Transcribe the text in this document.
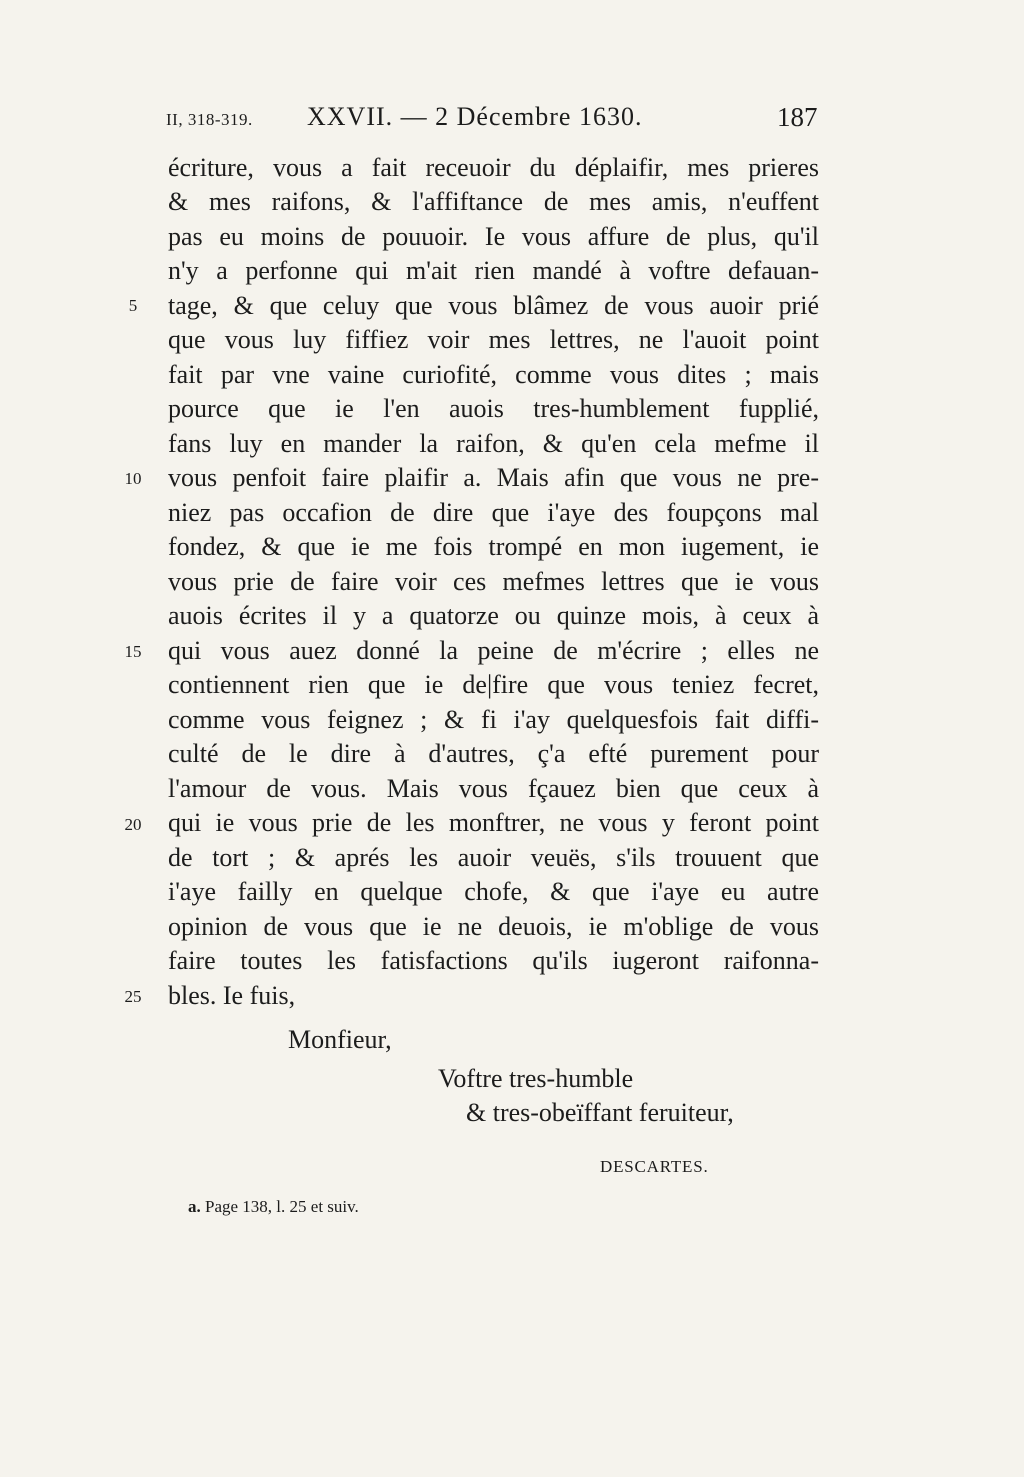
II, 318-319. XXVII. — 2 Décembre 1630.	187
écriture, vous a fait receuoir du déplaifir, mes prieres
& mes raifons, & l'affiftance de mes amis, n'euffent
pas eu moins de pouuoir. Ie vous affure de plus, qu'il
n'y a perfonne qui m'ait rien mandé à voftre defauan-
tage, & que celuy que vous blâmez de vous auoir prié
que vous luy fiffiez voir mes lettres, ne l'auoit point
fait par vne vaine curiofité, comme vous dites ; mais
pource que ie l'en auois tres-humblement fupplié,
fans luy en mander la raifon, & qu'en cela mefme il
vous penfoit faire plaifir a. Mais afin que vous ne pre-
niez pas occafion de dire que i'aye des foupçons mal
fondez, & que ie me fois trompé en mon iugement, ie
vous prie de faire voir ces mefmes lettres que ie vous
auois écrites il y a quatorze ou quinze mois, à ceux à
qui vous auez donné la peine de m'écrire ; elles ne
contiennent rien que ie de|fire que vous teniez fecret,
comme vous feignez ; & fi i'ay quelquesfois fait diffi-
culté de le dire à d'autres, ç'a efté purement pour
l'amour de vous. Mais vous fçauez bien que ceux à
qui ie vous prie de les monftrer, ne vous y feront point
de tort ; & aprés les auoir veuës, s'ils trouuent que
i'aye failly en quelque chofe, & que i'aye eu autre
opinion de vous que ie ne deuois, ie m'oblige de vous
faire toutes les fatisfactions qu'ils iugeront raifonna-
bles. Ie fuis,
5
10
15
20
25
Monfieur,
Voftre tres-humble
& tres-obeïffant feruiteur,
DESCARTES.
a. Page 138, l. 25 et suiv.
